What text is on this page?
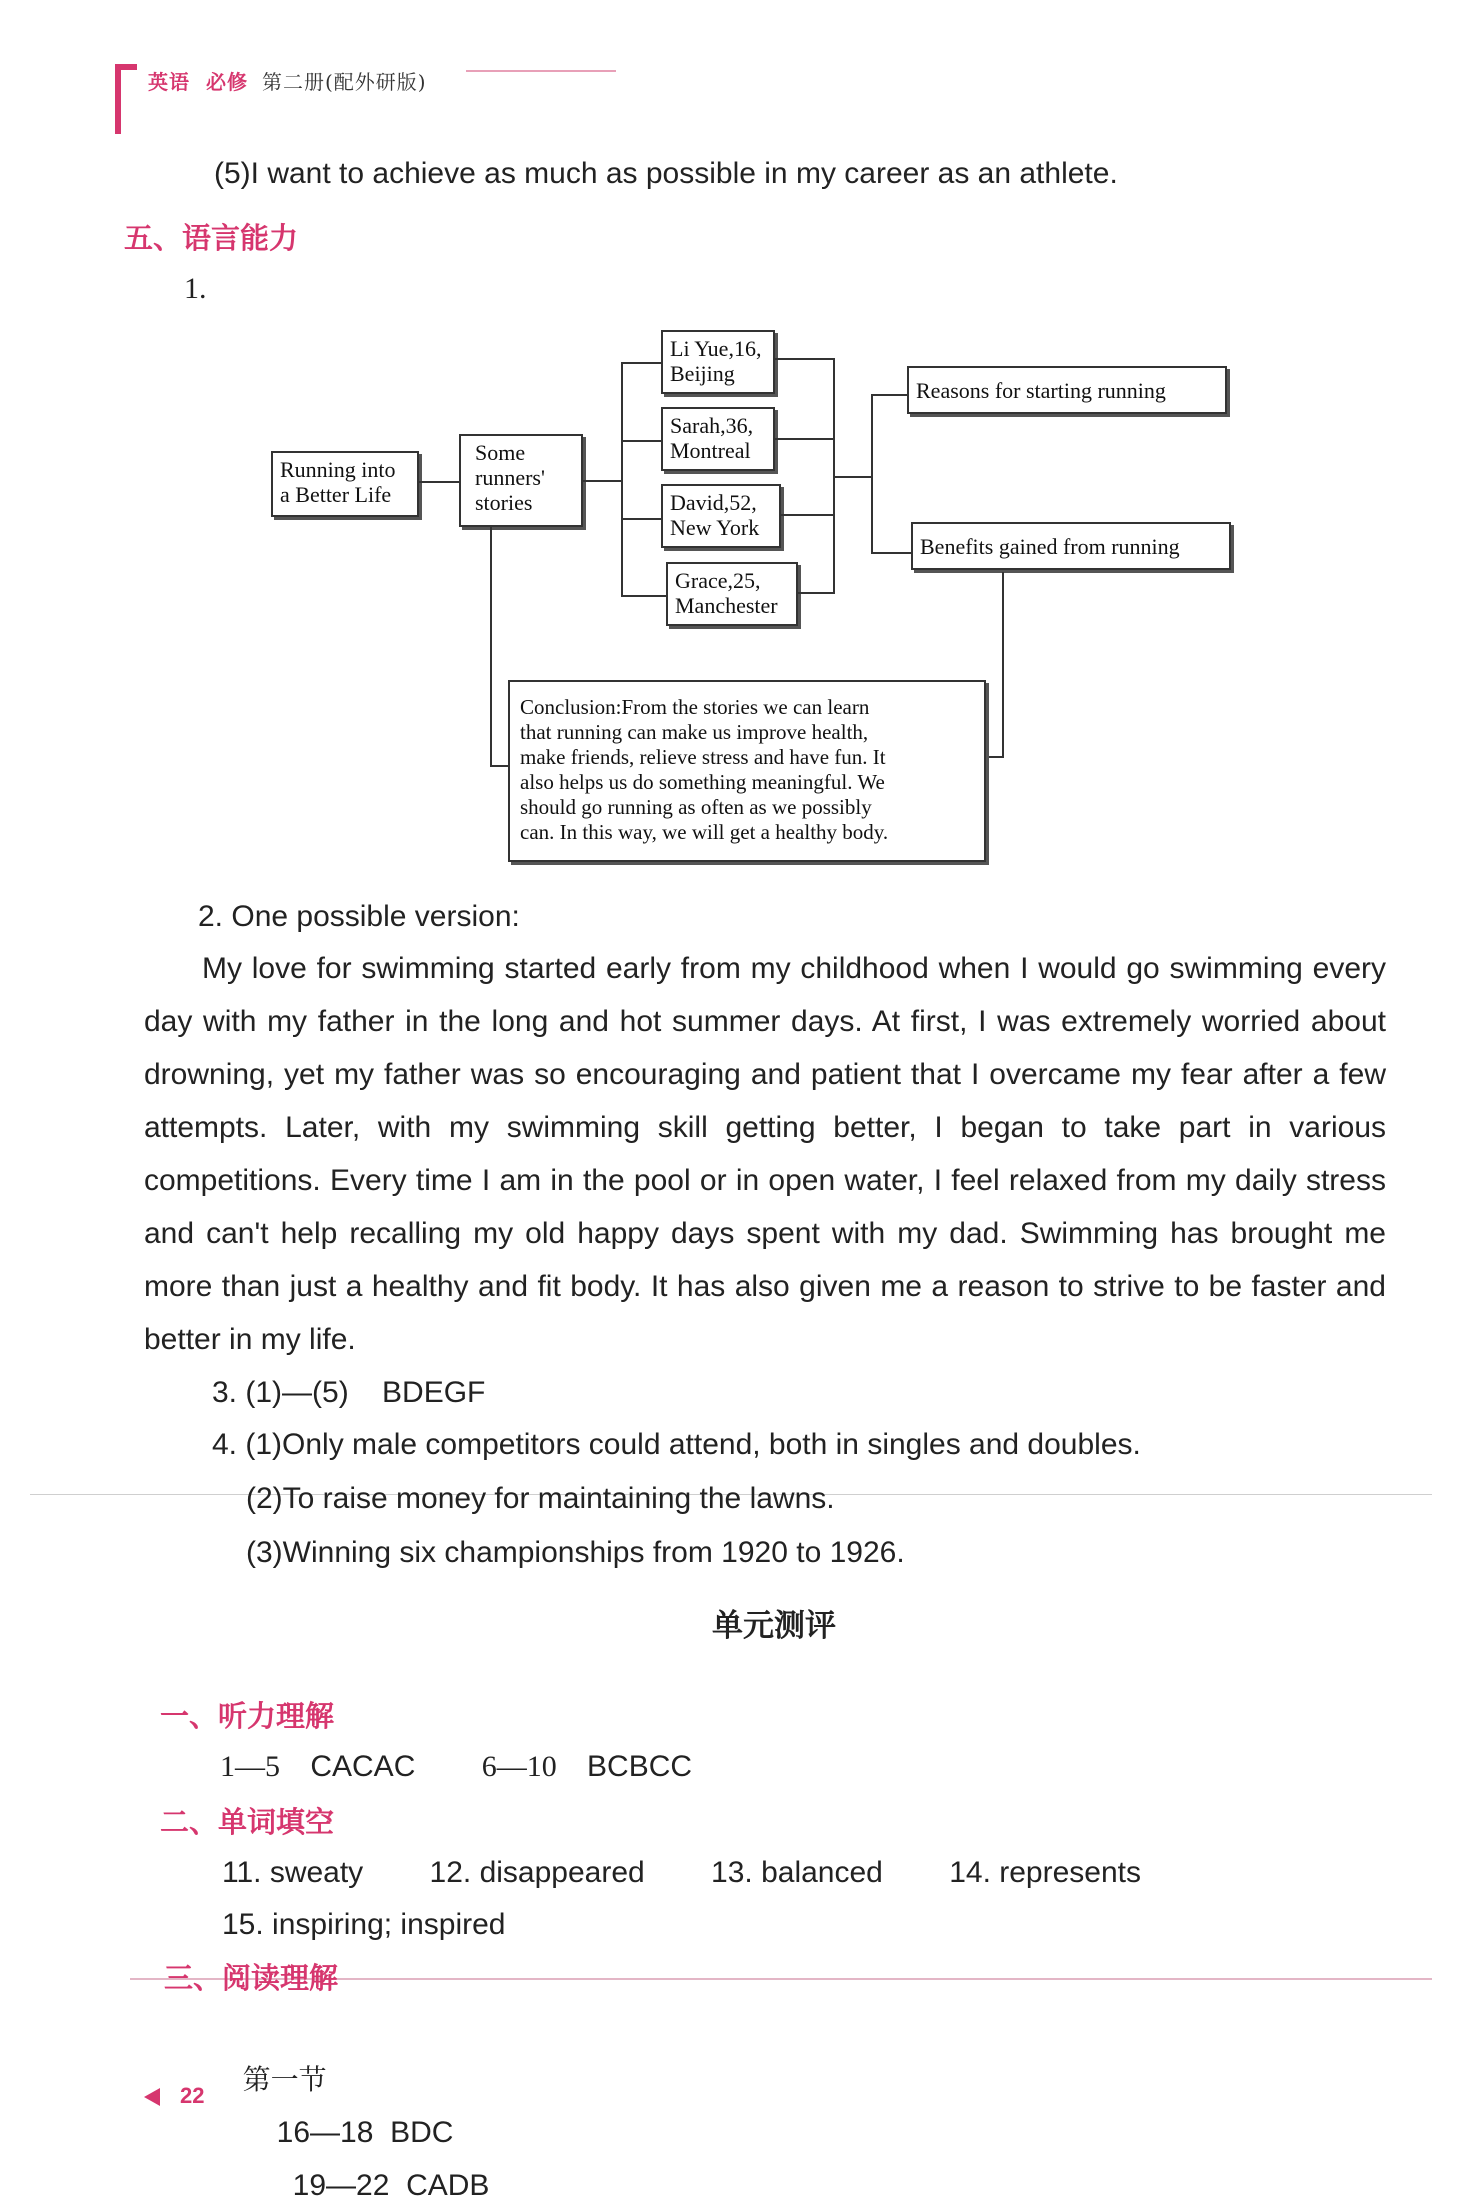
英语 必修 第二册(配外研版)
(5)I want to achieve as much as possible in my career as an athlete.
五、语言能力
1.
Running into
a Better Life
Some
runners'
stories
Li Yue,16,
Beijing
Sarah,36,
Montreal
David,52,
New York
Grace,25,
Manchester
Reasons for starting running
Benefits gained from running
Conclusion:From the stories we can learn
that running can make us improve health,
make friends, relieve stress and have fun. It
also helps us do something meaningful. We
should go running as often as we possibly
can. In this way, we will get a healthy body.
2. One possible version:

My love for swimming started early from my childhood when I would go swimming every day with my father in the long and hot summer days. At first, I was extremely worried about drowning, yet my father was so encouraging and patient that I overcame my fear after a few attempts. Later, with my swimming skill getting better, I began to take part in various competitions. Every time I am in the pool or in open water, I feel relaxed from my daily stress and can't help recalling my old happy days spent with my dad. Swimming has brought me more than just a healthy and fit body. It has also given me a reason to strive to be faster and better in my life.

3. (1)—(5)    BDEGF
4. (1)Only male competitors could attend, both in singles and doubles.
(2)To raise money for maintaining the lawns.
(3)Winning six championships from 1920 to 1926.
单元测评
一、听力理解
1—5 CACAC 6—10 BCBCC
二、单词填空
11. sweaty 12. disappeared 13. balanced 14. represents
15. inspiring; inspired
三、阅读理解

第一节
16—18  BDC
19—22  CADB

22
